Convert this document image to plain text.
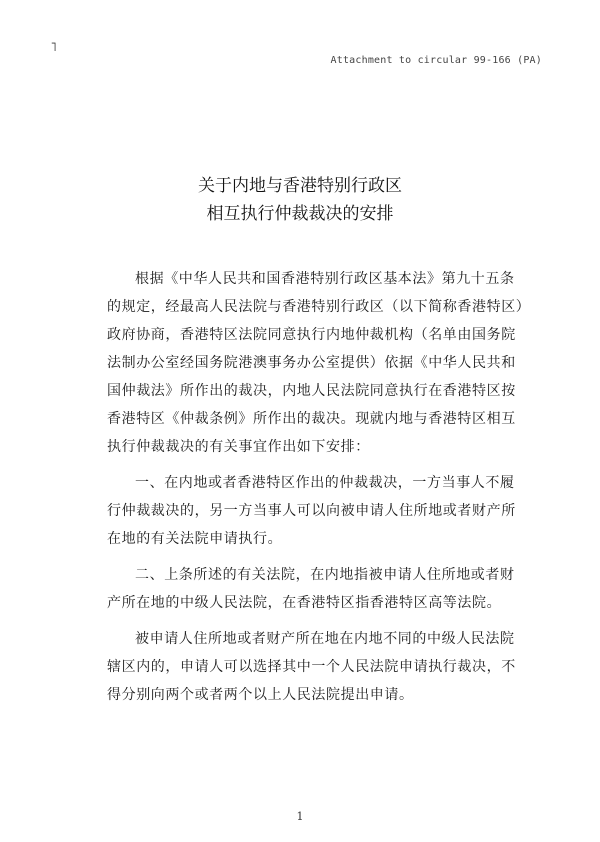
˥
Attachment to circular 99-166 (PA)
关于内地与香港特别行政区
相互执行仲裁裁决的安排

根据《中华人民共和国香港特别行政区基本法》第九十五条的规定，经最高人民法院与香港特别行政区（以下简称香港特区）政府协商，香港特区法院同意执行内地仲裁机构（名单由国务院法制办公室经国务院港澳事务办公室提供）依据《中华人民共和国仲裁法》所作出的裁决，内地人民法院同意执行在香港特区按香港特区《仲裁条例》所作出的裁决。现就内地与香港特区相互执行仲裁裁决的有关事宜作出如下安排：

一、在内地或者香港特区作出的仲裁裁决，一方当事人不履行仲裁裁决的，另一方当事人可以向被申请人住所地或者财产所在地的有关法院申请执行。

二、上条所述的有关法院，在内地指被申请人住所地或者财产所在地的中级人民法院，在香港特区指香港特区高等法院。

被申请人住所地或者财产所在地在内地不同的中级人民法院辖区内的，申请人可以选择其中一个人民法院申请执行裁决，不得分别向两个或者两个以上人民法院提出申请。

1
